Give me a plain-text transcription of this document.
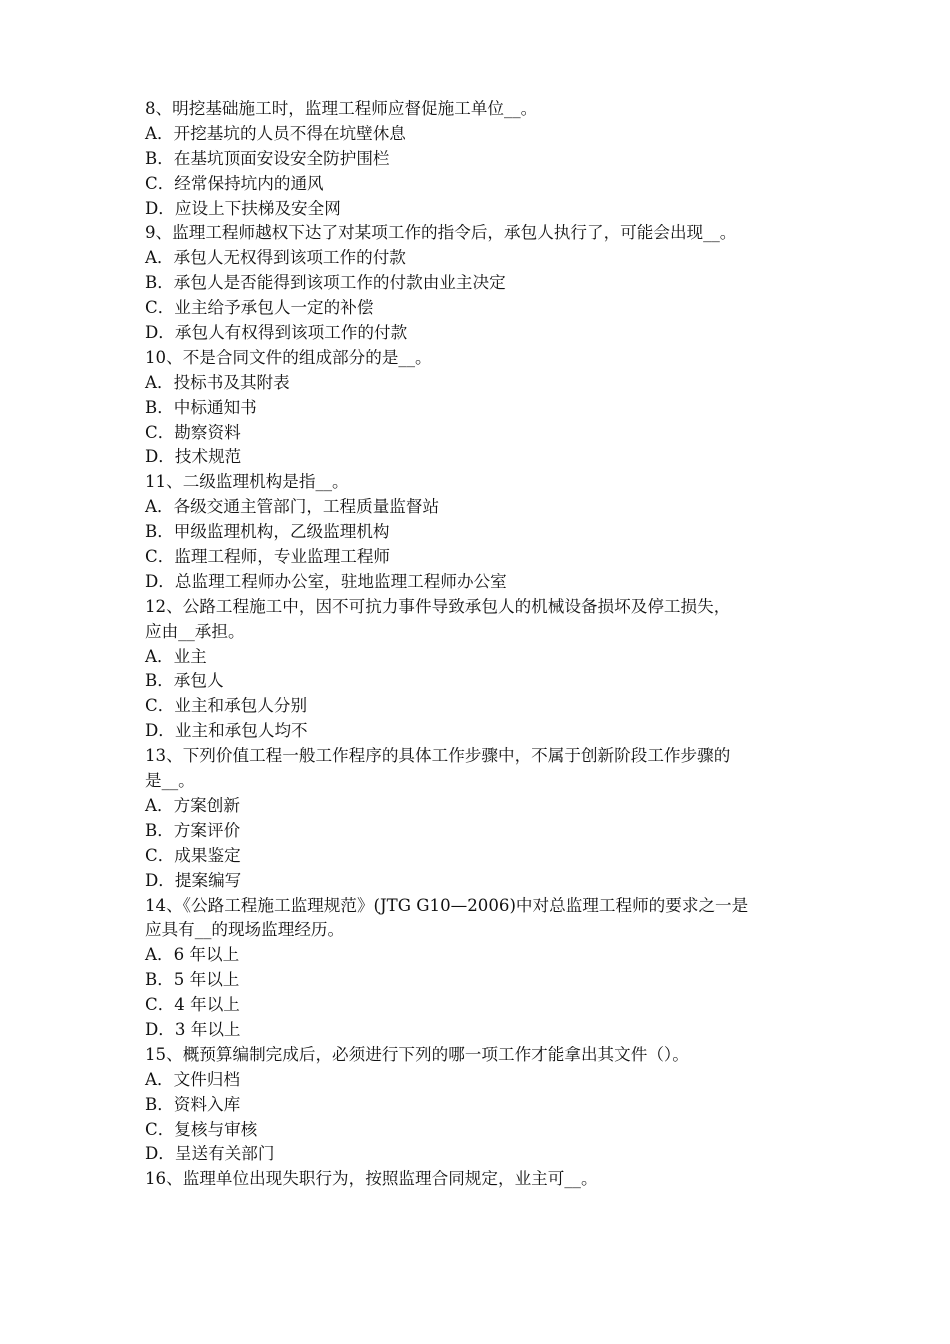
8、明挖基础施工时，监理工程师应督促施工单位__。
A．开挖基坑的人员不得在坑壁休息
B．在基坑顶面安设安全防护围栏
C．经常保持坑内的通风
D．应设上下扶梯及安全网
9、监理工程师越权下达了对某项工作的指令后，承包人执行了，可能会出现__。
A．承包人无权得到该项工作的付款
B．承包人是否能得到该项工作的付款由业主决定
C．业主给予承包人一定的补偿
D．承包人有权得到该项工作的付款
10、不是合同文件的组成部分的是__。
A．投标书及其附表
B．中标通知书
C．勘察资料
D．技术规范
11、二级监理机构是指__。
A．各级交通主管部门，工程质量监督站
B．甲级监理机构，乙级监理机构
C．监理工程师，专业监理工程师
D．总监理工程师办公室，驻地监理工程师办公室
12、公路工程施工中，因不可抗力事件导致承包人的机械设备损坏及停工损失，
应由__承担。
A．业主
B．承包人
C．业主和承包人分别
D．业主和承包人均不
13、下列价值工程一般工作程序的具体工作步骤中，不属于创新阶段工作步骤的
是__。
A．方案创新
B．方案评价
C．成果鉴定
D．提案编写
14、《公路工程施工监理规范》(JTG G10—2006)中对总监理工程师的要求之一是
应具有__的现场监理经历。
A．6 年以上
B．5 年以上
C．4 年以上
D．3 年以上
15、概预算编制完成后，必须进行下列的哪一项工作才能拿出其文件（）。
A．文件归档
B．资料入库
C．复核与审核
D．呈送有关部门
16、监理单位出现失职行为，按照监理合同规定，业主可__。
